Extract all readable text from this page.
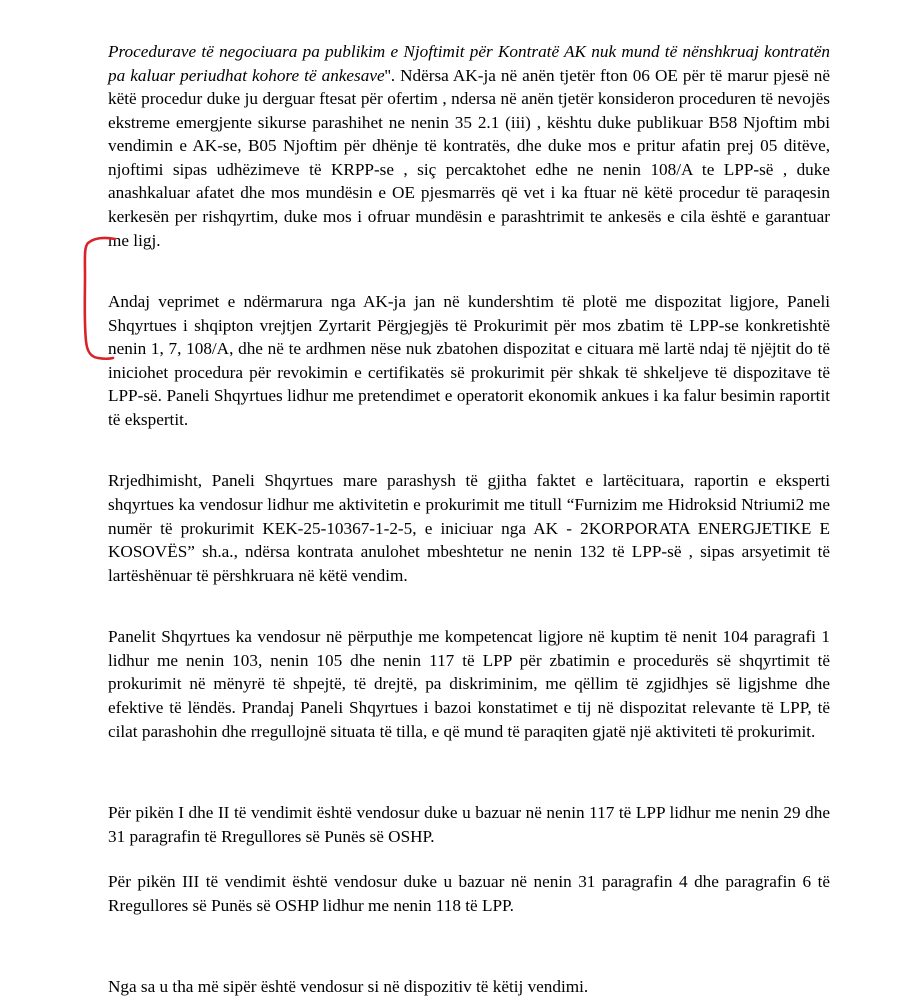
Procedurave të negociuara pa publikim e Njoftimit për Kontratë AK nuk mund të nënshkruaj kontratën pa kaluar periudhat kohore të ankesave''. Ndërsa AK-ja në anën tjetër fton 06 OE për të marur pjesë në këtë procedur duke ju derguar ftesat për ofertim , ndersa në anën tjetër konsideron proceduren të nevojës ekstreme emergjente sikurse parashihet ne nenin 35 2.1 (iii) , kështu duke publikuar B58 Njoftim mbi vendimin e AK-se, B05 Njoftim për dhënje të kontratës, dhe duke mos e pritur afatin prej 05 ditëve, njoftimi sipas udhëzimeve të KRPP-se , siç percaktohet edhe ne nenin 108/A te LPP-së , duke anashkaluar afatet dhe mos mundësin e OE pjesmarrës që vet i ka ftuar në këtë procedur të paraqesin kerkesën per rishqyrtim, duke mos i ofruar mundësin e parashtrimit te ankesës e cila është e garantuar me ligj.

Andaj veprimet e ndërmarura nga AK-ja jan në kundershtim të plotë me dispozitat ligjore, Paneli Shqyrtues i shqipton vrejtjen Zyrtarit Përgjegjës të Prokurimit për mos zbatim të LPP-se konkretishtë nenin 1, 7, 108/A, dhe në te ardhmen nëse nuk zbatohen dispozitat e cituara më lartë ndaj të njëjtit do të iniciohet procedura për revokimin e certifikatës së prokurimit për shkak të shkeljeve të dispozitave të LPP-së. Paneli Shqyrtues lidhur me pretendimet e operatorit ekonomik ankues i ka falur besimin raportit të ekspertit.

Rrjedhimisht, Paneli Shqyrtues mare parashysh të gjitha faktet e lartëcituara, raportin e eksperti shqyrtues ka vendosur lidhur me aktivitetin e prokurimit me titull “Furnizim me Hidroksid Ntriumi2 me numër të prokurimit KEK-25-10367-1-2-5, e iniciuar nga AK - 2KORPORATA ENERGJETIKE E KOSOVËS” sh.a., ndërsa kontrata anulohet mbeshtetur ne nenin 132 të LPP-së , sipas arsyetimit të lartëshënuar të përshkruara në këtë vendim.

Panelit Shqyrtues ka vendosur në përputhje me kompetencat ligjore në kuptim të nenit 104 paragrafi 1 lidhur me nenin 103, nenin 105 dhe nenin 117 të LPP për zbatimin e procedurës së shqyrtimit të prokurimit në mënyrë të shpejtë, të drejtë, pa diskriminim, me qëllim të zgjidhjes së ligjshme dhe efektive të lëndës. Prandaj Paneli Shqyrtues i bazoi konstatimet e tij në dispozitat relevante të LPP, të cilat parashohin dhe rregullojnë situata të tilla, e që mund të paraqiten gjatë një aktiviteti të prokurimit.

Për pikën I dhe II të vendimit është vendosur duke u bazuar në nenin 117 të LPP lidhur me nenin 29 dhe 31 paragrafin të Rregullores së Punës së OSHP.

Për pikën III të vendimit është vendosur duke u bazuar në nenin 31 paragrafin 4 dhe paragrafin 6 të Rregullores së Punës së OSHP lidhur me nenin 118 të LPP.

Nga sa u tha më sipër është vendosur si në dispozitiv të këtij vendimi.
